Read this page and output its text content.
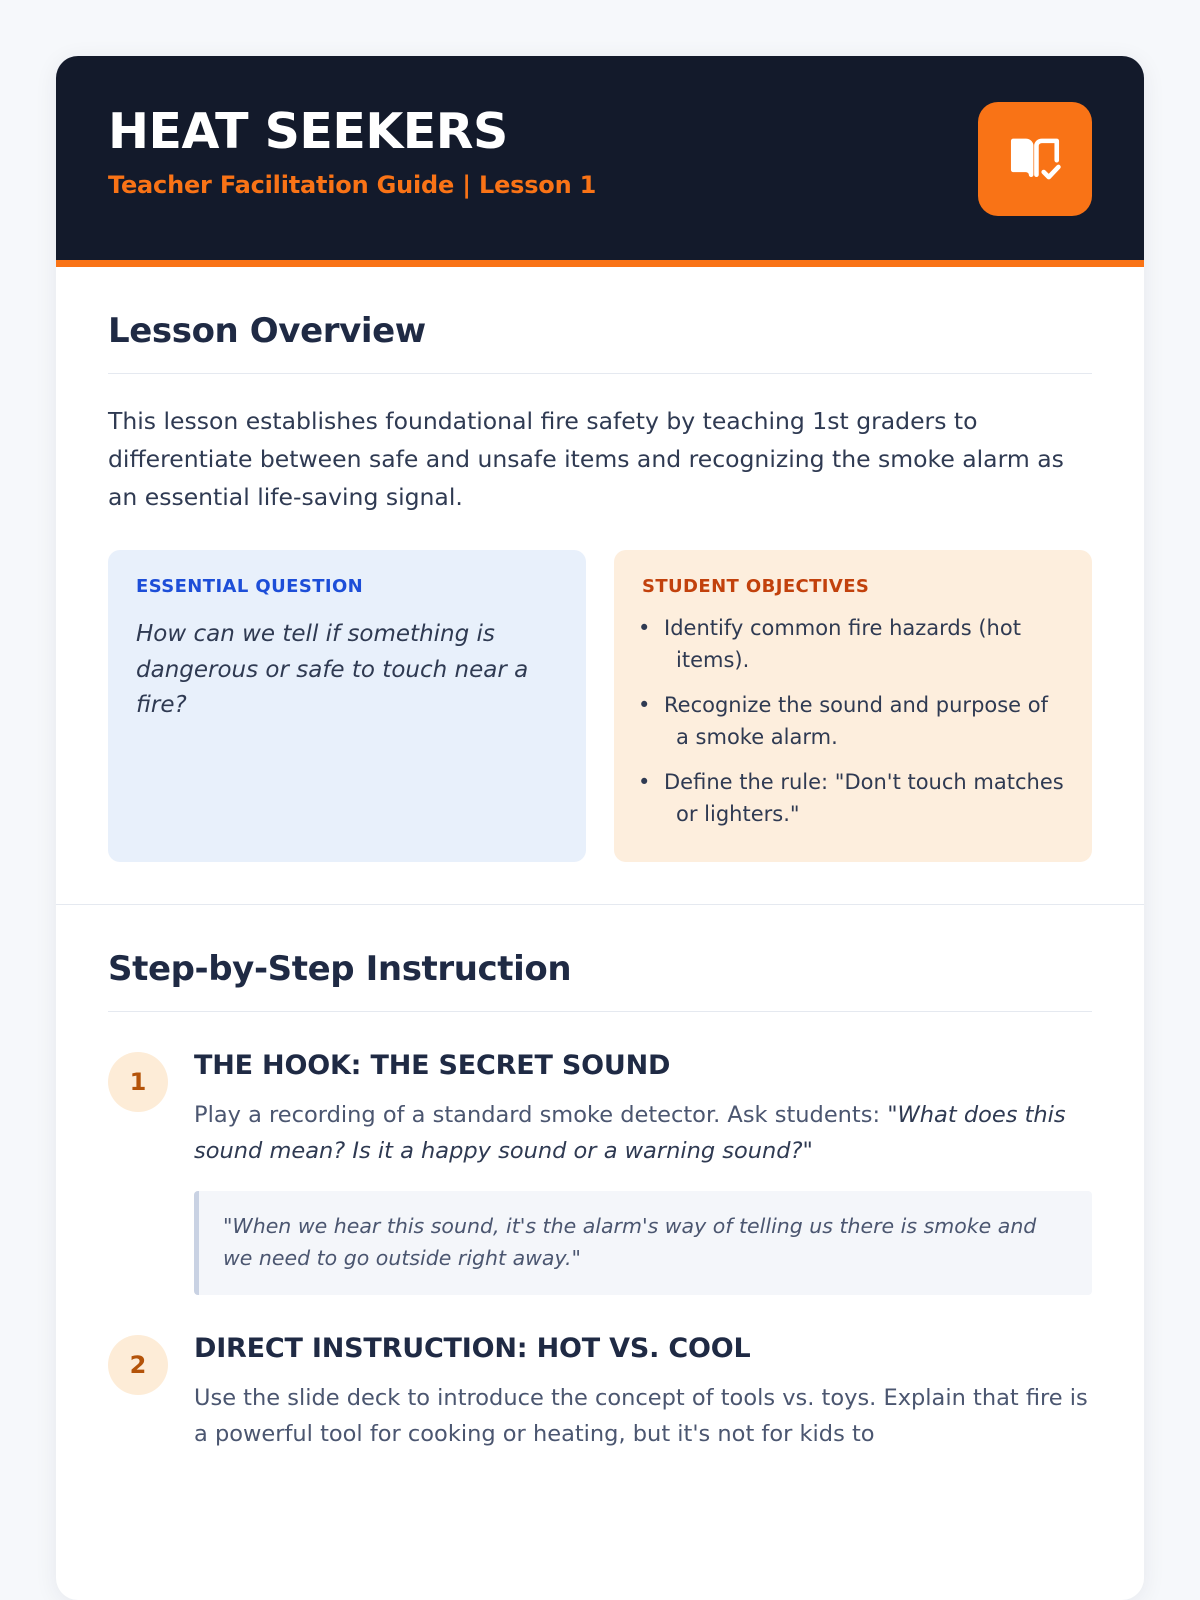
HEAT SEEKERS
Teacher Facilitation Guide | Lesson 1
Lesson Overview
This lesson establishes foundational fire safety by teaching 1st graders to differentiate between safe and unsafe items and recognizing the smoke alarm as an essential life-saving signal.
ESSENTIAL QUESTION
How can we tell if something is dangerous or safe to touch near a fire?
STUDENT OBJECTIVES
• Identify common fire hazards (hot items).
• Recognize the sound and purpose of a smoke alarm.
• Define the rule: "Don't touch matches or lighters."
Step-by-Step Instruction
1
THE HOOK: THE SECRET SOUND
Play a recording of a standard smoke detector. Ask students: "What does this sound mean? Is it a happy sound or a warning sound?"
"When we hear this sound, it's the alarm's way of telling us there is smoke and we need to go outside right away."
2
DIRECT INSTRUCTION: HOT VS. COOL
Use the slide deck to introduce the concept of tools vs. toys. Explain that fire is a powerful tool for cooking or heating, but it's not for kids to
